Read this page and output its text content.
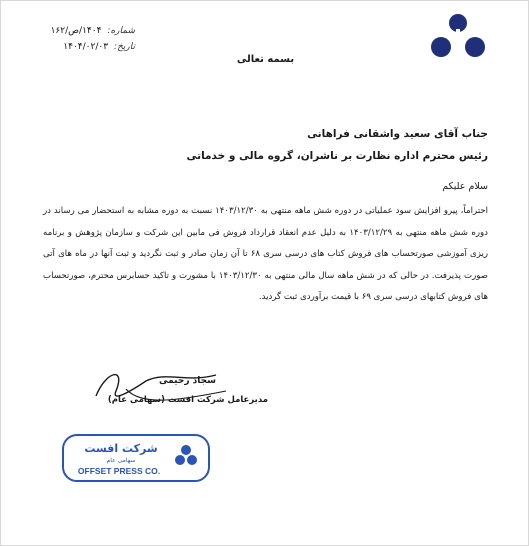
شماره:
۱۴۰۴/ص/۱۶۲
تاریخ:
۱۴۰۴/۰۲/۰۳
بسمه تعالی
جناب آقای سعید واشقانی فراهانی
رئیس محترم اداره نظارت بر ناشران، گروه مالی و خدماتی
سلام علیکم
احتراماً، پیرو افزایش سود عملیاتی در دوره شش ماهه منتهی به ۱۴۰۳/۱۲/۳۰ نسبت به دوره مشابه به استحضار می رساند در دوره شش ماهه منتهی به ۱۴۰۳/۱۲/۲۹ به دلیل عدم انعقاد قرارداد فروش فی مابین این شرکت و سازمان پژوهش و برنامه ریزی آموزشی صورتحساب های فروش کتاب های درسی سری ۶۸ تا آن زمان صادر و ثبت نگردید و ثبت آنها در ماه های آتی صورت پذیرفت. در حالی که در شش ماهه سال مالی منتهی به ۱۴۰۳/۱۲/۳۰ با مشورت و تاکید حسابرس محترم، صورتحساب های فروش کتابهای درسی سری ۶۹ با قیمت برآوردی ثبت گردید.
سجاد رحیمی
مدیرعامل شرکت افست (سهامی عام)
شرکت افست
سهامی عام
OFFSET PRESS CO.
